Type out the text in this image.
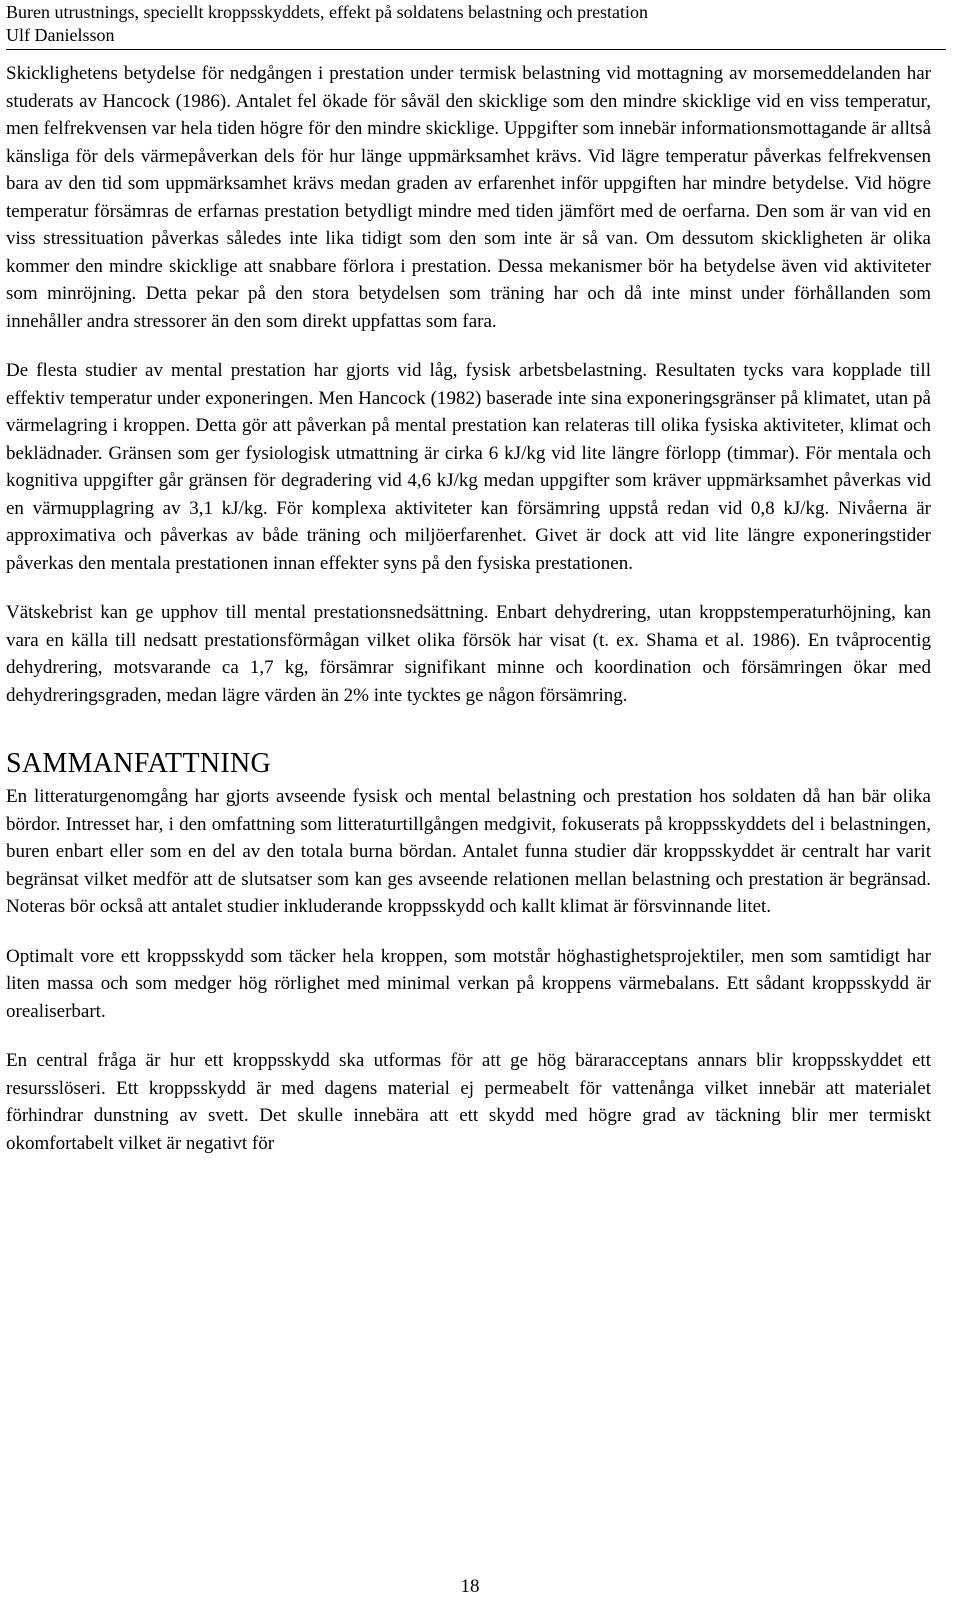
Buren utrustnings, speciellt kroppsskyddets, effekt på soldatens belastning och prestation
Ulf Danielsson

Skicklighetens betydelse för nedgången i prestation under termisk belastning vid mottagning av morsemeddelanden har studerats av Hancock (1986). Antalet fel ökade för såväl den skicklige som den mindre skicklige vid en viss temperatur, men felfrekvensen var hela tiden högre för den mindre skicklige. Uppgifter som innebär informationsmottagande är alltså känsliga för dels värmepåverkan dels för hur länge uppmärksamhet krävs. Vid lägre temperatur påverkas felfrekvensen bara av den tid som uppmärksamhet krävs medan graden av erfarenhet inför uppgiften har mindre betydelse. Vid högre temperatur försämras de erfarnas prestation betydligt mindre med tiden jämfört med de oerfarna. Den som är van vid en viss stressituation påverkas således inte lika tidigt som den som inte är så van. Om dessutom skickligheten är olika kommer den mindre skicklige att snabbare förlora i prestation. Dessa mekanismer bör ha betydelse även vid aktiviteter som minröjning. Detta pekar på den stora betydelsen som träning har och då inte minst under förhållanden som innehåller andra stressorer än den som direkt uppfattas som fara.

De flesta studier av mental prestation har gjorts vid låg, fysisk arbetsbelastning. Resultaten tycks vara kopplade till effektiv temperatur under exponeringen. Men Hancock (1982) baserade inte sina exponeringsgränser på klimatet, utan på värmelagring i kroppen. Detta gör att påverkan på mental prestation kan relateras till olika fysiska aktiviteter, klimat och beklädnader. Gränsen som ger fysiologisk utmattning är cirka 6 kJ/kg vid lite längre förlopp (timmar). För mentala och kognitiva uppgifter går gränsen för degradering vid 4,6 kJ/kg medan uppgifter som kräver uppmärksamhet påverkas vid en värmupplagring av 3,1 kJ/kg. För komplexa aktiviteter kan försämring uppstå redan vid 0,8 kJ/kg. Nivåerna är approximativa och påverkas av både träning och miljöerfarenhet. Givet är dock att vid lite längre exponeringstider påverkas den mentala prestationen innan effekter syns på den fysiska prestationen.

Vätskebrist kan ge upphov till mental prestationsnedsättning. Enbart dehydrering, utan kroppstemperaturhöjning, kan vara en källa till nedsatt prestationsförmågan vilket olika försök har visat (t. ex. Shama et al. 1986). En tvåprocentig dehydrering, motsvarande ca 1,7 kg, försämrar signifikant minne och koordination och försämringen ökar med dehydreringsgraden, medan lägre värden än 2% inte tycktes ge någon försämring.

SAMMANFATTNING

En litteraturgenomgång har gjorts avseende fysisk och mental belastning och prestation hos soldaten då han bär olika bördor. Intresset har, i den omfattning som litteraturtillgången medgivit, fokuserats på kroppsskyddets del i belastningen, buren enbart eller som en del av den totala burna bördan. Antalet funna studier där kroppsskyddet är centralt har varit begränsat vilket medför att de slutsatser som kan ges avseende relationen mellan belastning och prestation är begränsad. Noteras bör också att antalet studier inkluderande kroppsskydd och kallt klimat är försvinnande litet.

Optimalt vore ett kroppsskydd som täcker hela kroppen, som motstår höghastighetsprojektiler, men som samtidigt har liten massa och som medger hög rörlighet med minimal verkan på kroppens värmebalans. Ett sådant kroppsskydd är orealiserbart.

En central fråga är hur ett kroppsskydd ska utformas för att ge hög bäraracceptans annars blir kroppsskyddet ett resursslöseri. Ett kroppsskydd är med dagens material ej permeabelt för vattenånga vilket innebär att materialet förhindrar dunstning av svett. Det skulle innebära att ett skydd med högre grad av täckning blir mer termiskt okomfortabelt vilket är negativt för

18
